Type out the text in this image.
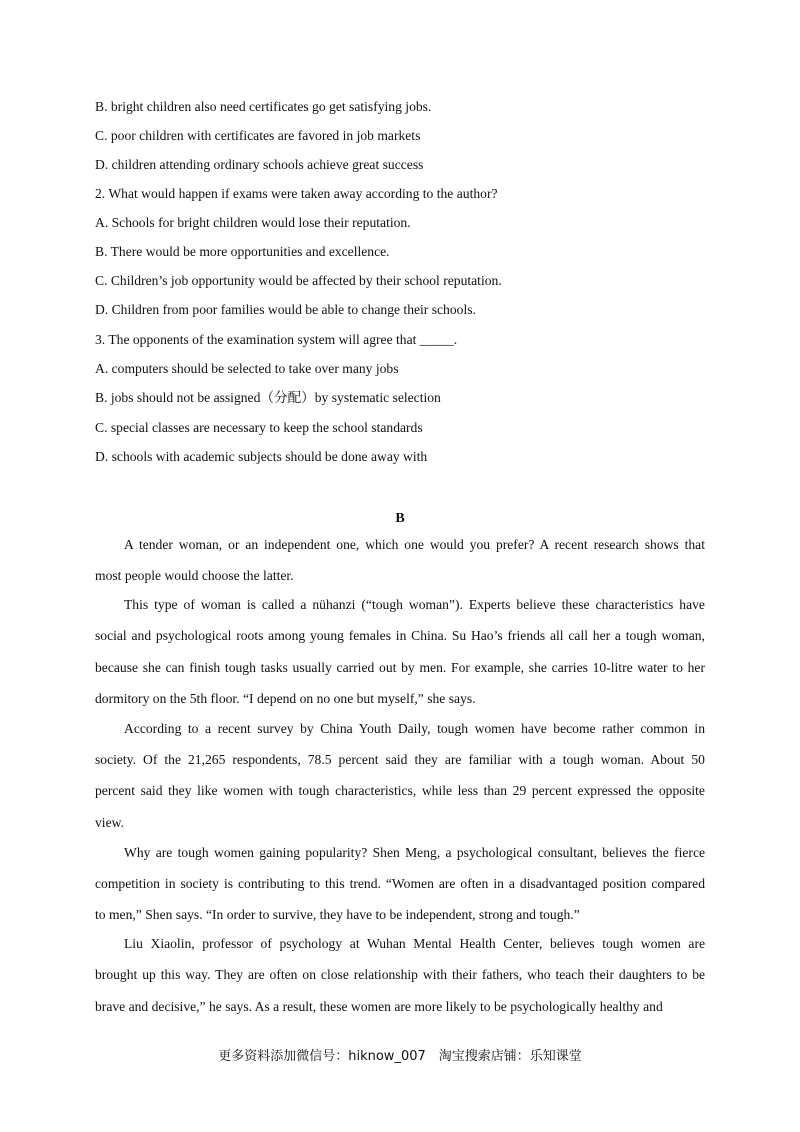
B. bright children also need certificates go get satisfying jobs.

C. poor children with certificates are favored in job markets

D. children attending ordinary schools achieve great success

2. What would happen if exams were taken away according to the author?

A. Schools for bright children would lose their reputation.

B. There would be more opportunities and excellence.

C. Children’s job opportunity would be affected by their school reputation.

D. Children from poor families would be able to change their schools.

3. The opponents of the examination system will agree that _____.

A. computers should be selected to take over many jobs

B. jobs should not be assigned（分配）by systematic selection

C. special classes are necessary to keep the school standards

D. schools with academic subjects should be done away with

B

A tender woman, or an independent one, which one would you prefer? A recent research shows that

most people would choose the latter.

This type of woman is called a nühanzi (“tough woman”). Experts believe these characteristics have

social and psychological roots among young females in China. Su Hao’s friends all call her a tough woman,

because she can finish tough tasks usually carried out by men. For example, she carries 10-litre water to her

dormitory on the 5th floor. “I depend on no one but myself,” she says.

According to a recent survey by China Youth Daily, tough women have become rather common in

society. Of the 21,265 respondents, 78.5 percent said they are familiar with a tough woman. About 50

percent said they like women with tough characteristics, while less than 29 percent expressed the opposite

view.

Why are tough women gaining popularity? Shen Meng, a psychological consultant, believes the fierce

competition in society is contributing to this trend. “Women are often in a disadvantaged position compared

to men,” Shen says. “In order to survive, they have to be independent, strong and tough.”

Liu Xiaolin, professor of psychology at Wuhan Mental Health Center, believes tough women are

brought up this way. They are often on close relationship with their fathers, who teach their daughters to be

brave and decisive,” he says. As a result, these women are more likely to be psychologically healthy and

更多资料添加微信号：hiknow_007　淘宝搜索店铺：乐知课堂
